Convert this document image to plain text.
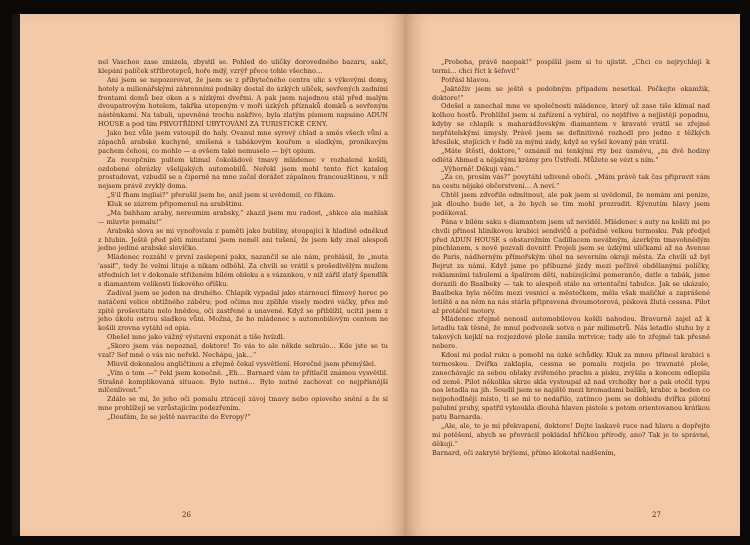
nel Vaschoo zase zmizela, zbystil se. Pohled do uličky dorovedného bazaru, sakč, klepání palíček stříbrotepců, hoře mdý, vzrýř přece tohle všechno…

Ani jsem se nepozorovat, že jsem se z příbytečného centra ulic s výkovými domy, hotely a milionářskými záhrenními podniky dostal do úzkých uliček, sevřených zadními frontami domů bez oken a s nízkými dveřmi. A pak jsem najednou stál před malým dvoupatrovým hotelem, takřka utopeným v moři úzkých příznaků domků a sevřeným nástěnkami. Na tabuli, upevněné trochu nakřivo, byla zlatým písmem napsáno ADUN HOUSE a pod tím PRVOTŘÍDNÍ UBYTOVÁNÍ ZA TURISTICKÉ CENY.

Jako bez vůle jsem vstoupil do haly. Ovanul mne syrový chlad a směs všech vůní a zápachů arabské kuchyně, smíšená s tabákovým kouřem a sladkým, pronikavým pachem čehosi, co mohlo — a ovšem také nemuselo — být opium.

Za recepčním pultem klimal čokoládově tmavý mládenec v rozhalené košili, ozdobené obrázky všelijakých automobilů. Neřekl jsem mohl tento říct katalog prostudovat, vzbudil se a čiperně na mne začal dorážet zápalnou francouzštinou, v níž nejsem právě zvyklý doma.

„S'il fham inglisi?“ přerušil jsem ho, aniž jsem si uvědomil, co říkám.

Kluk se zázrem připomenul na arabštinu.

„Ma bahham araby, nereumim arabsky,“ zkazil jsem mu radost, „shkce ala mahlak — mluvte pomalu!“

Arabská slova se mi vynořovala z paměti jako bubliny, stoupající k hladině odněkud z hlubin. Ještě před pěti minutami jsem neměl ani tušení, že jsem kdy znal alespoň jedno jediné arabské slovíčko.

Mládenec rozzáhl v první zaslepení pakx, nazančil se ale nám, prohlásil, že „muta 'assif“, tedy že velmi lituje a nikam odběhl. Za chvíli se vrátil s prošedivělým mužem středních let v dokonale střiženém bílém obleku a s vázankou, v níž zářil zlatý špendlík s diamantem velikosti lískového oříšku.

Zadíval jsem se jeden na druhého. Chlapík vypadal jako stárnoucí filmový herec po natáčení velice obtížného záběru; pod očima mu zplihle visely modré váčky, přes mě zpitě proševitatu nelo hnědou, oči zastřené a unavené. Když se přiblížil, ucítil jsem z jeho úkolu ostrou sladkou vůni. Možná, že ho mládenec s automobilovým centem ne košili zrovna vytáhl od opia.

Obešel mne jako vážný výstavní exponát a tiše hvízdl.

„Skoro jsem vás nepoznal, doktore! To vás to ale někde sebralo… Kde jste se tu vzal? Sef mně o vás nic neřekl. Nechápu, jak…“

Mluvil dokonalou angličtinou a zřejmě čekal vysvětlení. Horečně jsem přemýšlel.

„Vím o tom —“ řekl jsem konečně. „Eh… Barnard vám to přitlačil známou vysvětlil. Strašně komplikovaná situace. Bylo nutné… Bylo nutné zachovat co nejpřísnější mlčenlivost.“

Zdálo se mi, že jeho oči pomalu ztrácejí závoj tmavy nebo opioveho snění a že si mne prohlížejí se vzrůstajícím podezřením.

„Doufám, že se ještě navracíte do Evropy?“

26

„Proboha, právě naopak!“ pospíšil jsem si to ujistit. „Chci co nejrychleji k termi… chci říct k šéfovi!“

Potřásl hlavou.

„Jaktéživ jsem se ještě s podobným případem nesetkal. Počkejte okamžik, doktore!“

Odešel a zanechal mne ve společnosti mládence, který už zase tiše klimal nad kolhou hostů. Prohlížel jsem si zařízení a vybíral, co nejdříve a nejjistěji popadnu, kdyby se chlapík s maharádžovským diamantem v kravatě vrátil se zřejmě nepřátelskými úmysly. Právě jsem se definitivně rozhodl pro jedno z těžkých křesílek, stojících v řadě za mými zády, když se vyšel kovaný pán vrátil.

„Máte štěstí, doktore,“ oznámil mi tenkými rty bez úsměvu, „za dvě hodiny odlétá Ahmed a nějakými krámy pro Ústředí. Můžete se vézt s ním.“

„Výborně! Děkuji vám.“

„Za co, prosím vás?“ povytáhl udiveně obočí. „Mám právě tak čas připravit vám na cestu nějaké občerstvení… A neví.“

Chtěl jsem zdvořile odmítnout, ale pak jsem si uvědomil, že nemám ani peníze, jak dlouho bude let, a že bych se tím mohl prozradit. Kývnutím hlavy jsem poděkoval.

Pána v bílém saku s diamantem jsem už neviděl. Mládenec s auty na košili mi po chvíli přinesl hliníkovou krabici sendvičů a pořádně velkou termosku. Pak předjel před ADUN HOUSE s obstarožním Cadillacem nevábným, ázerkým tmavohnědým pinchlanem, s nově pozvali dovnitř. Projeli jsem se úzkými uličkami až na Avenue de Paris, nádherným přímořským úhel na severním okraji města. Za chvíli už byl Bejrut za námi. Když jsme po příbuzné jízdy mezi pečlivě obdělanými políčky, reklamními tabulemi a špalírem děti, nabízejícími pomeranče, datle a tabák, jsme dorazili do Baalbeky — tak to alespoň stálo na orientační tabulce. Jak se ukázalo, Baalbeka byla něčím mezi vesnicí a městečkem, měla však maličké a zaprášené letiště a na něm na nás stárla připravená dvoumotorová, písková žlutá cessna. Pilot až protáčel motory.

Mládenec zřejmě nenosil automobilovou košili nahodou. Bravurně zajel až k letadlu tak těsně, že mnul podvozek sotva o pár milimetrů. Nás letadlo sluhu by z takových kejklí na rozjezdové ploše zanila mrtvice; tady ale to zřejmě tak přesně nebere.

Kdosi mi podal ruku a pomohl na úzké schůdky. Kluk za mnou přinesl krabici s termoskou. Dvířka zaklapla, cessna se pomalu rozjela po travnaté ploše, zanechávajíc za sebou oblaky zvířeného prachu a písku, zvýšila a koncem odlepila od země. Pilot několika skrze skla vystoupal až nad vrcholky hor a pak otočil typu nos letadla na jih. Soudil jsem se najiště mezi hromadami balíků, krabic a beden co nejpohodlněji místo, ti se mi to nedařilo, zatímco jsem se dohledu dvířka pilotní palubní pruhy, spatřil vykoukla dlouhá hlaven pistole s potom orientovanou krátkou patu Barnarda.

„Ale, ale, to je mi překvapení, doktore! Dejte laskavě ruce nad hlavu a dopřejte mi potěšení, abych se převrácil pokládal hříčkou přírody, ano? Tak je to správné, děkuji.“

Barnard, oči zakryté brýlemi, přímo klokotal nadšením,

27
